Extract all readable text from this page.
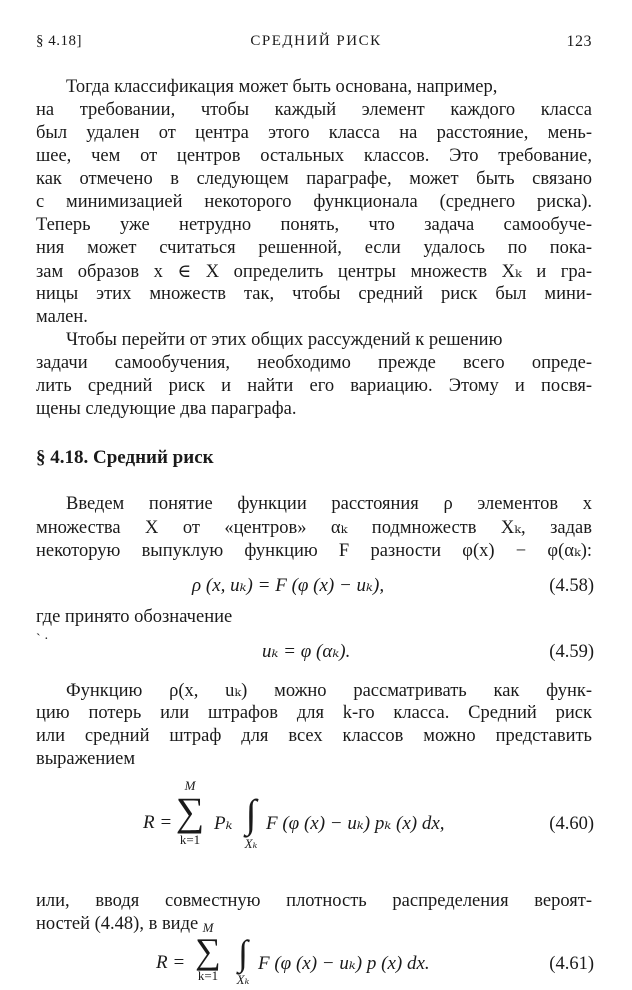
§ 4.18]	СРЕДНИЙ РИСК	123
Тогда классификация может быть основана, например,
на требовании, чтобы каждый элемент каждого класса
был удален от центра этого класса на расстояние, мень-
шее, чем от центров остальных классов. Это требование,
как отмечено в следующем параграфе, может быть связано
с минимизацией некоторого функционала (среднего риска).
Теперь уже нетрудно понять, что задача самообуче-
ния может считаться решенной, если удалось по пока-
зам образов x ∈ X определить центры множеств Xₖ и гра-
ницы этих множеств так, чтобы средний риск был мини-
мален.
Чтобы перейти от этих общих рассуждений к решению
задачи самообучения, необходимо прежде всего опреде-
лить средний риск и найти его вариацию. Этому и посвя-
щены следующие два параграфа.
§ 4.18. Средний риск
Введем понятие функции расстояния ρ элементов x
множества X от «центров» αₖ подмножеств Xₖ, задав
некоторую выпуклую функцию F разности φ(x) − φ(αₖ):
ρ (x, uₖ) = F (φ (x) − uₖ),	(4.58)
где принято обозначение
ˋ
uₖ = φ (αₖ).	(4.59)
·
Функцию ρ(x, uₖ) можно рассматривать как функ-
цию потерь или штрафов для k-го класса. Средний риск
или средний штраф для всех классов можно представить
выражением
R =
M
∑
k=1
Pₖ ∫
Xₖ
F (φ (x) − uₖ) pₖ (x) dx,	(4.60)
или, вводя совместную плотность распределения вероят-
ностей (4.48), в виде
R =
M
∑
k=1
∫
Xₖ
F (φ (x) − uₖ) p (x) dx.	(4.61)
